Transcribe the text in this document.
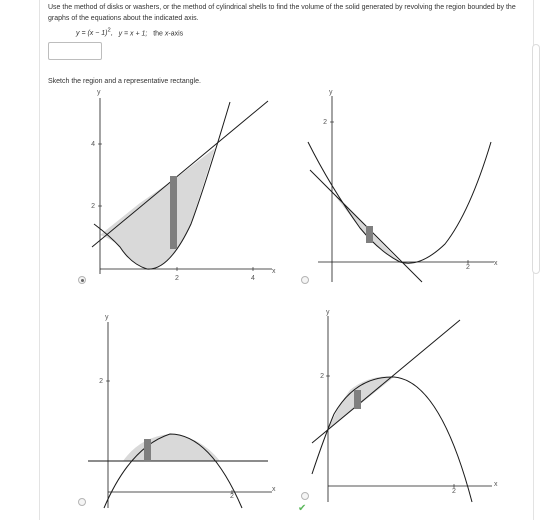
Use the method of disks or washers, or the method of cylindrical shells to find the volume of the solid generated by revolving the region bounded by the graphs of the equations about the indicated axis.
$y = (x - 1)^2$, y = x + 1; the x-axis
Sketch the region and a representative rectangle.
y
x
4
2
2	4
y
x
2
2
y
x
2
2
y
x
2
2
✔
